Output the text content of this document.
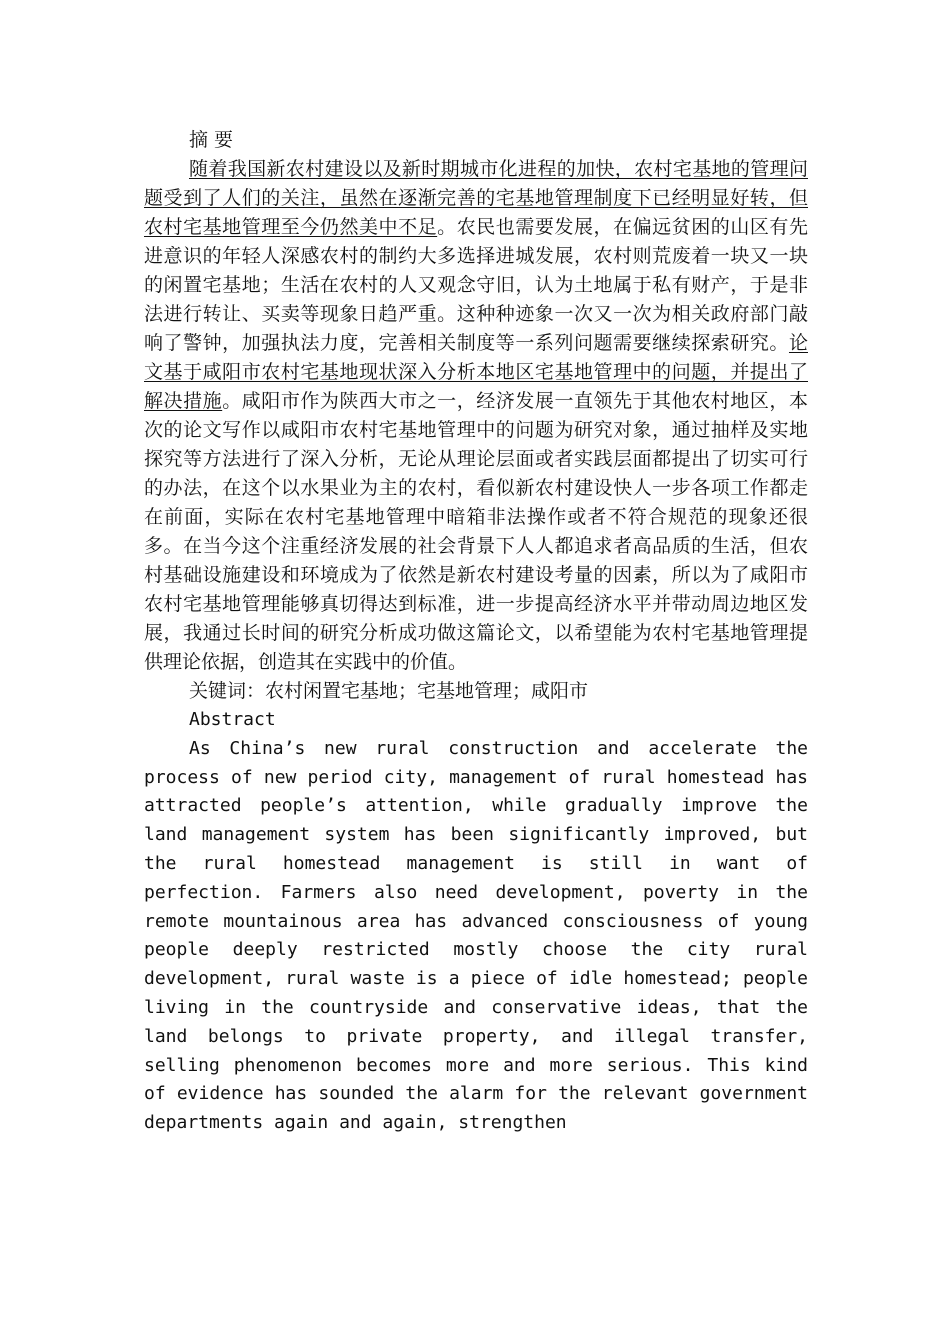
摘 要

随着我国新农村建设以及新时期城市化进程的加快，农村宅基地的管理问题受到了人们的关注，虽然在逐渐完善的宅基地管理制度下已经明显好转，但农村宅基地管理至今仍然美中不足。农民也需要发展，在偏远贫困的山区有先进意识的年轻人深感农村的制约大多选择进城发展，农村则荒废着一块又一块的闲置宅基地；生活在农村的人又观念守旧，认为土地属于私有财产，于是非法进行转让、买卖等现象日趋严重。这种种迹象一次又一次为相关政府部门敲响了警钟，加强执法力度，完善相关制度等一系列问题需要继续探索研究。论文基于咸阳市农村宅基地现状深入分析本地区宅基地管理中的问题，并提出了解决措施。咸阳市作为陕西大市之一，经济发展一直领先于其他农村地区，本次的论文写作以咸阳市农村宅基地管理中的问题为研究对象，通过抽样及实地探究等方法进行了深入分析，无论从理论层面或者实践层面都提出了切实可行的办法，在这个以水果业为主的农村，看似新农村建设快人一步各项工作都走在前面，实际在农村宅基地管理中暗箱非法操作或者不符合规范的现象还很多。在当今这个注重经济发展的社会背景下人人都追求者高品质的生活，但农村基础设施建设和环境成为了依然是新农村建设考量的因素，所以为了咸阳市农村宅基地管理能够真切得达到标准，进一步提高经济水平并带动周边地区发展，我通过长时间的研究分析成功做这篇论文，以希望能为农村宅基地管理提供理论依据，创造其在实践中的价值。

关键词：农村闲置宅基地；宅基地管理；咸阳市

Abstract

As China’s new rural construction and accelerate the process of new period city, management of rural homestead has attracted people’s attention, while gradually improve the land management system has been significantly improved, but the rural homestead management is still in want of perfection. Farmers also need development, poverty in the remote mountainous area has advanced consciousness of young people deeply restricted mostly choose the city rural development, rural waste is a piece of idle homestead; people living in the countryside and conservative ideas, that the land belongs to private property, and illegal transfer, selling phenomenon becomes more and more serious. This kind of evidence has sounded the alarm for the relevant government departments again and again, strengthen
